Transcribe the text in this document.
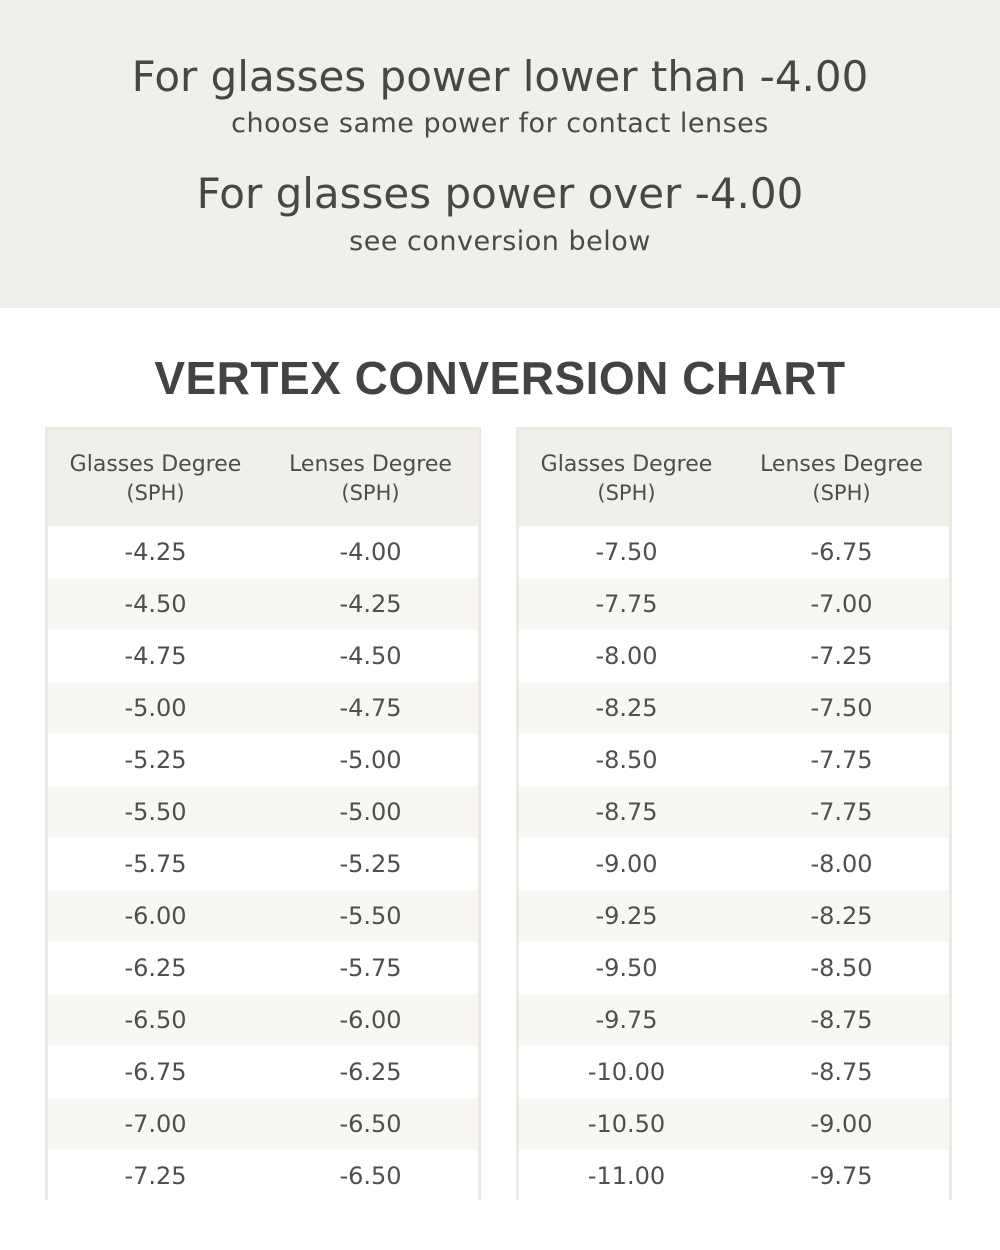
For glasses power lower than -4.00
choose same power for contact lenses
For glasses power over -4.00
see conversion below
VERTEX CONVERSION CHART
Glasses Degree
(SPH)
Lenses Degree
(SPH)
-4.25	-4.00
-4.50	-4.25
-4.75	-4.50
-5.00	-4.75
-5.25	-5.00
-5.50	-5.00
-5.75	-5.25
-6.00	-5.50
-6.25	-5.75
-6.50	-6.00
-6.75	-6.25
-7.00	-6.50
-7.25	-6.50
Glasses Degree
(SPH)
Lenses Degree
(SPH)
-7.50	-6.75
-7.75	-7.00
-8.00	-7.25
-8.25	-7.50
-8.50	-7.75
-8.75	-7.75
-9.00	-8.00
-9.25	-8.25
-9.50	-8.50
-9.75	-8.75
-10.00	-8.75
-10.50	-9.00
-11.00	-9.75
